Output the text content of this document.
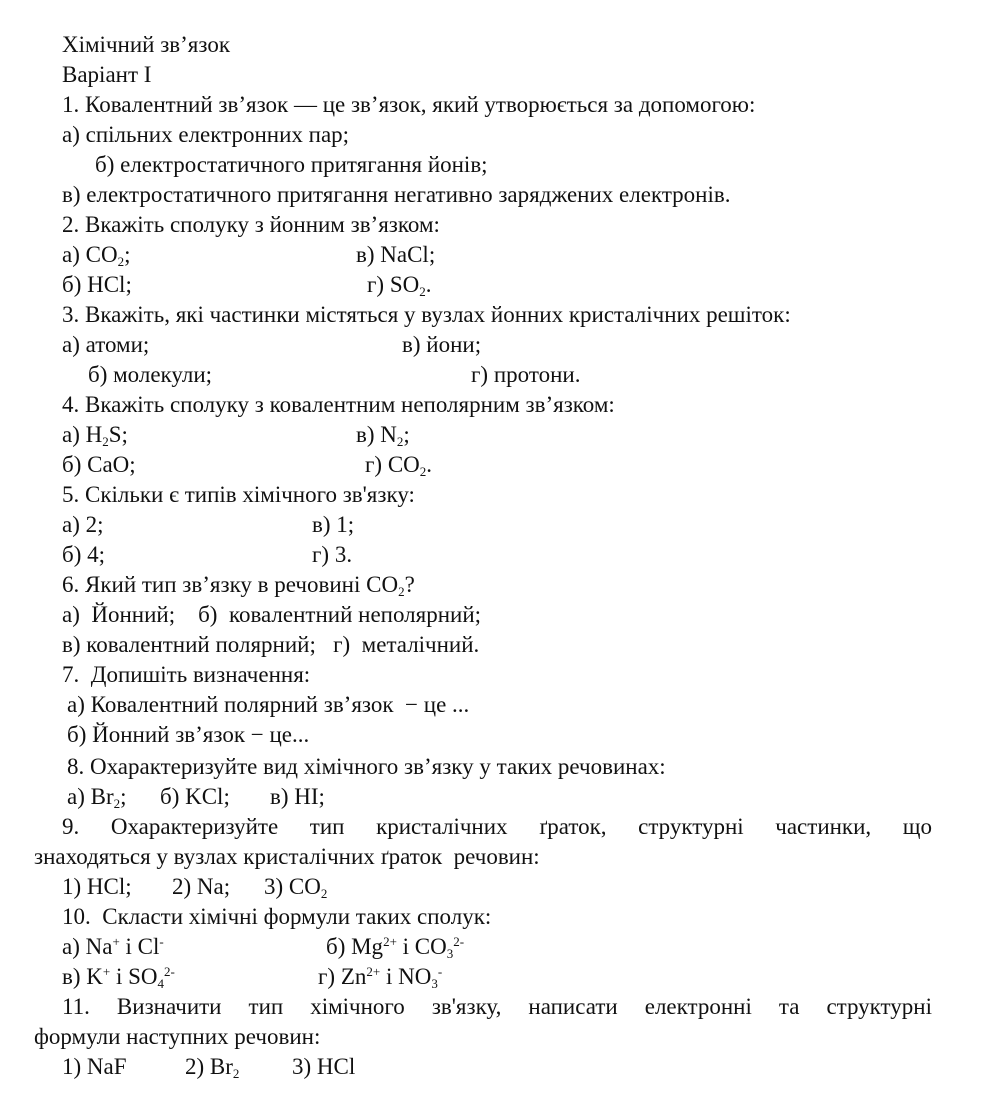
Хімічний зв’язок
Варіант I
1. Ковалентний зв’язок — це зв’язок, який утворюється за допомогою:
а) спільних електронних пар;
б) електростатичного притягання йонів;
в) електростатичного притягання негативно заряджених електронів.
2. Вкажіть сполуку з йонним зв’язком:
а) $CO_2$;	в) NaCl;
б) HCl;	г) $SO_2$.
3. Вкажіть, які частинки містяться у вузлах йонних кристалічних решіток:
а) атоми;	в) йони;
б) молекули;	г) протони.
4. Вкажіть сполуку з ковалентним неполярним зв’язком:
а) $H_2S$;	в) $N_2$;
б) CaO;	г) $CO_2$.
5. Скільки є типів хімічного зв'язку:
а) 2;	в) 1;
б) 4;	г) 3.
6. Який тип зв’язку в речовині $CO_2$?
а)  Йонний;    б)  ковалентний неполярний;
в) ковалентний полярний;   г)  металічний.
7.  Допишіть визначення:
а) Ковалентний полярний зв’язок  − це ...
б) Йонний зв’язок − це...
8. Охарактеризуйте вид хімічного зв’язку у таких речовинах:
а) $Br_2$; б) KCl; в) HI;
9. Охарактеризуйте тип кристалічних ґраток, структурні частинки, що
знаходяться у вузлах кристалічних ґраток  речовин:
1) HCl; 2) Na; 3) $CO_2$
10.  Скласти хімічні формули таких сполук:
а) Na+ і Cl-	б) $Mg^{2+}$ і $CO_3^{2-}$
в) K+ і $SO_4^{2-}$	г) $Zn^{2+}$ і $NO_3^-$
11. Визначити тип хімічного зв'язку, написати електронні та структурні
формули наступних речовин:
1) NaF	2) $Br_2$ 3) HCl
